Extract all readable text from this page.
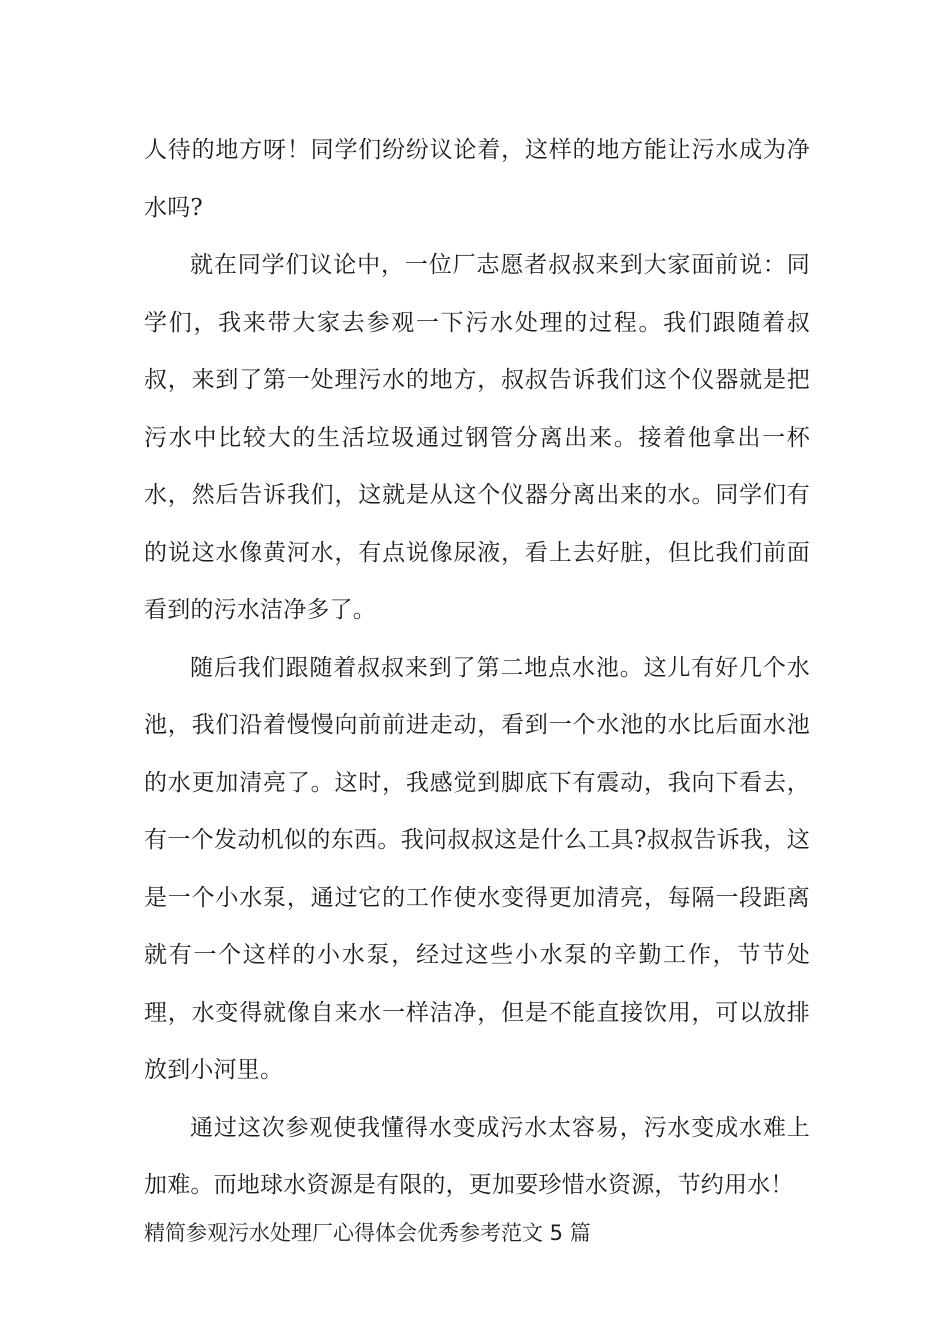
人待的地方呀！同学们纷纷议论着，这样的地方能让污水成为净水吗?

就在同学们议论中，一位厂志愿者叔叔来到大家面前说：同学们，我来带大家去参观一下污水处理的过程。我们跟随着叔叔，来到了第一处理污水的地方，叔叔告诉我们这个仪器就是把污水中比较大的生活垃圾通过钢管分离出来。接着他拿出一杯水，然后告诉我们，这就是从这个仪器分离出来的水。同学们有的说这水像黄河水，有点说像尿液，看上去好脏，但比我们前面看到的污水洁净多了。

随后我们跟随着叔叔来到了第二地点水池。这儿有好几个水池，我们沿着慢慢向前前进走动，看到一个水池的水比后面水池的水更加清亮了。这时，我感觉到脚底下有震动，我向下看去，有一个发动机似的东西。我问叔叔这是什么工具?叔叔告诉我，这是一个小水泵，通过它的工作使水变得更加清亮，每隔一段距离就有一个这样的小水泵，经过这些小水泵的辛勤工作，节节处理，水变得就像自来水一样洁净，但是不能直接饮用，可以放排放到小河里。

通过这次参观使我懂得水变成污水太容易，污水变成水难上加难。而地球水资源是有限的，更加要珍惜水资源，节约用水！

精简参观污水处理厂心得体会优秀参考范文 5 篇
